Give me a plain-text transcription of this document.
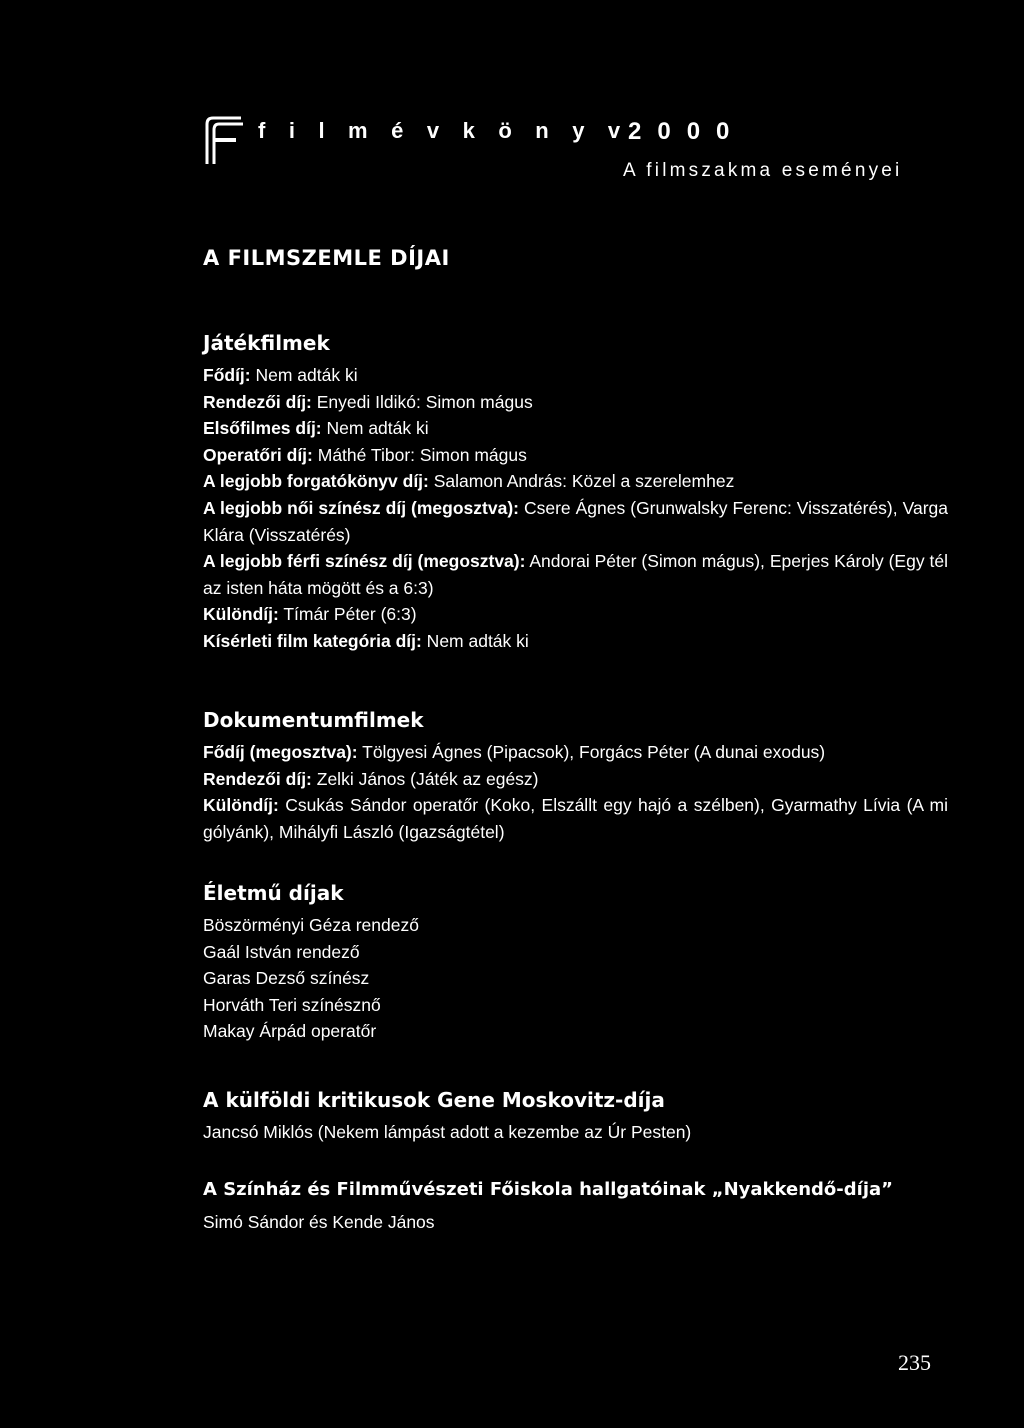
filmévkönyv
2000
A filmszakma eseményei
A FILMSZEMLE DÍJAI
Játékfilmek
Fődíj: Nem adták ki
Rendezői díj: Enyedi Ildikó: Simon mágus
Elsőfilmes díj: Nem adták ki
Operatőri díj: Máthé Tibor: Simon mágus
A legjobb forgatókönyv díj: Salamon András: Közel a szerelemhez
A legjobb női színész díj (megosztva): Csere Ágnes (Grunwalsky Ferenc: Visszatérés), Varga Klára (Visszatérés)
A legjobb férfi színész díj (megosztva): Andorai Péter (Simon mágus), Eperjes Károly (Egy tél az isten háta mögött és a 6:3)
Különdíj: Tímár Péter (6:3)
Kísérleti film kategória díj: Nem adták ki
Dokumentumfilmek
Fődíj (megosztva): Tölgyesi Ágnes (Pipacsok), Forgács Péter (A dunai exodus)
Rendezői díj: Zelki János (Játék az egész)
Különdíj: Csukás Sándor operatőr (Koko, Elszállt egy hajó a szélben), Gyarmathy Lívia (A mi gólyánk), Mihályfi László (Igazságtétel)
Életmű díjak
Böszörményi Géza rendező
Gaál István rendező
Garas Dezső színész
Horváth Teri színésznő
Makay Árpád operatőr
A külföldi kritikusok Gene Moskovitz-díja
Jancsó Miklós (Nekem lámpást adott a kezembe az Úr Pesten)
A Színház és Filmművészeti Főiskola hallgatóinak „Nyakkendő-díja”
Simó Sándor és Kende János
235
